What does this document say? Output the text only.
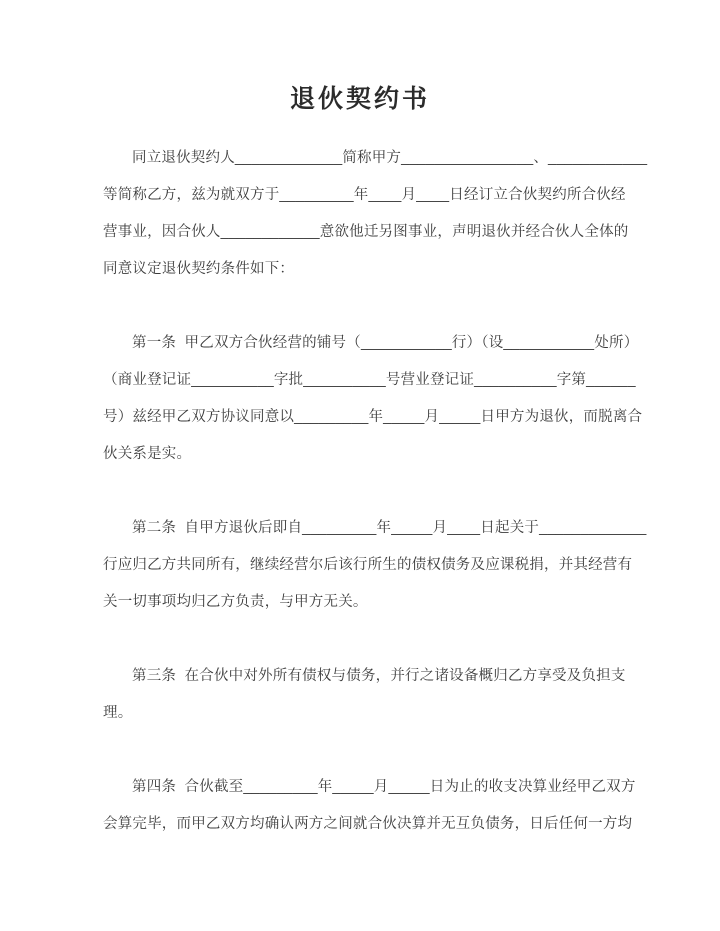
退伙契约书
同立退伙契约人_____________简称甲方________________、____________
等简称乙方，兹为就双方于_________年____月____日经订立合伙契约所合伙经
营事业，因合伙人____________意欲他迁另图事业，声明退伙并经合伙人全体的
同意议定退伙契约条件如下：
第一条  甲乙双方合伙经营的铺号（___________行）（设___________处所）
（商业登记证__________字批__________号营业登记证__________字第______
号）兹经甲乙双方协议同意以_________年_____月_____日甲方为退伙，而脱离合
伙关系是实。
第二条  自甲方退伙后即自_________年_____月____日起关于_____________
行应归乙方共同所有，继续经营尔后该行所生的债权债务及应课税捐，并其经营有
关一切事项均归乙方负责，与甲方无关。
第三条  在合伙中对外所有债权与债务，并行之诸设备概归乙方享受及负担支
理。
第四条  合伙截至_________年_____月_____日为止的收支决算业经甲乙双方
会算完毕，而甲乙双方均确认两方之间就合伙决算并无互负债务，日后任何一方均
